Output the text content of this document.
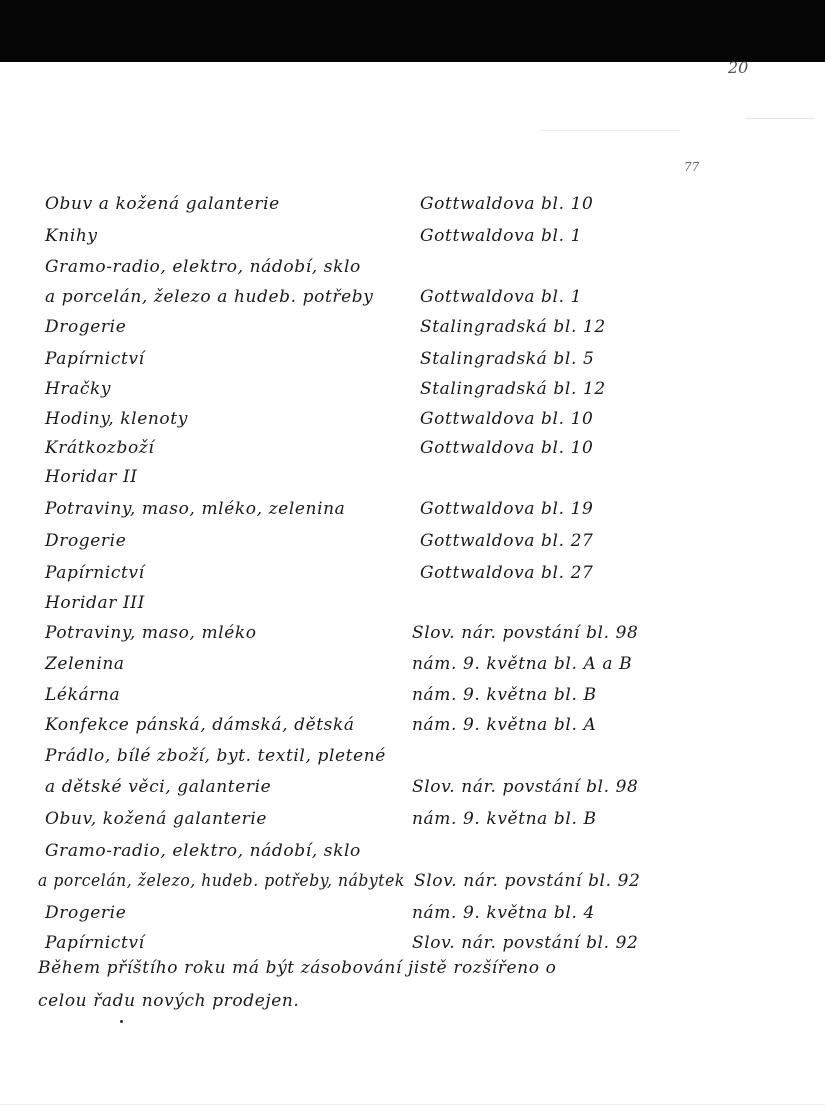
20
77
Obuv a kožená galanterie	Gottwaldova bl. 10
Knihy	Gottwaldova bl. 1
Gramo-radio, elektro, nádobí, sklo
a porcelán, železo a hudeb. potřeby	Gottwaldova bl. 1
Drogerie	Stalingradská bl. 12
Papírnictví	Stalingradská bl. 5
Hračky	Stalingradská bl. 12
Hodiny, klenoty	Gottwaldova bl. 10
Krátkozboží	Gottwaldova bl. 10
Horidar II
Potraviny, maso, mléko, zelenina	Gottwaldova bl. 19
Drogerie	Gottwaldova bl. 27
Papírnictví	Gottwaldova bl. 27
Horidar III
Potraviny, maso, mléko	Slov. nár. povstání bl. 98
Zelenina	nám. 9. května bl. A a B
Lékárna	nám. 9. května bl. B
Konfekce pánská, dámská, dětská	nám. 9. května bl. A
Prádlo, bílé zboží, byt. textil, pletené
a dětské věci, galanterie	Slov. nár. povstání bl. 98
Obuv, kožená galanterie	nám. 9. května bl. B
Gramo-radio, elektro, nádobí, sklo
a porcelán, železo, hudeb. potřeby, nábytek Slov. nár. povstání bl. 92
Drogerie	nám. 9. května bl. 4
Papírnictví	Slov. nár. povstání bl. 92
Během příštího roku má být zásobování jistě rozšířeno o
celou řadu nových prodejen.
